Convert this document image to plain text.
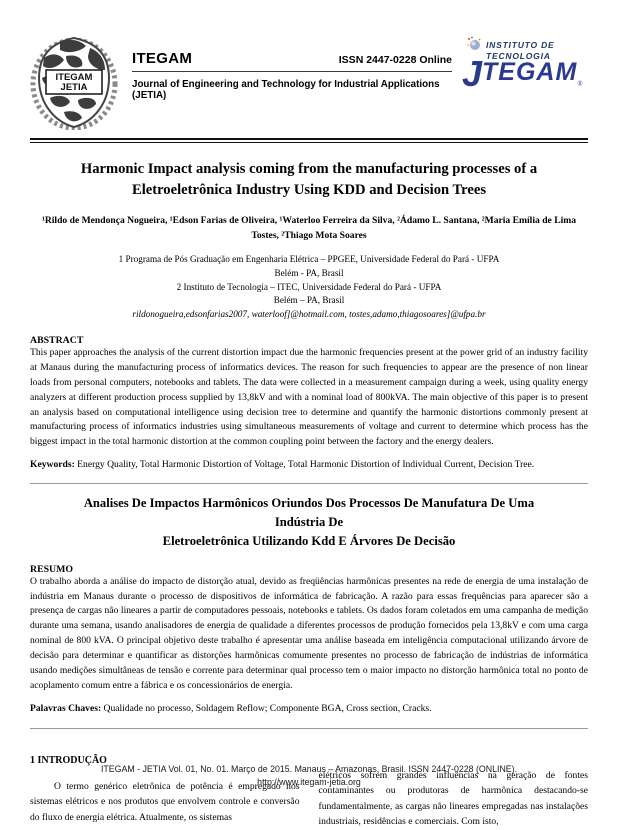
ITEGAM
JETIA
ITEGAM	ISSN 2447-0228 Online
Journal of Engineering and Technology for Industrial Applications (JETIA)
INSTITUTO DE
TECNOLOGIA
J TEGAM ®
Harmonic Impact analysis coming from the manufacturing processes of a
Eletroeletrônica Industry Using KDD and Decision Trees
¹Rildo de Mendonça Nogueira, ¹Edson Farias de Oliveira, ¹Waterloo Ferreira da Silva, ²Ádamo L. Santana, ²Maria Emília de Lima Tostes, ²Thiago Mota Soares
1 Programa de Pós Graduação em Engenharia Elétrica – PPGEE, Universidade Federal do Pará - UFPA
Belém - PA, Brasil
2 Instituto de Tecnologia – ITEC, Universidade Federal do Pará - UFPA
Belém – PA, Brasil
rildonogueira,edsonfarias2007, waterloof]@hotmail.com, tostes,adamo,thiagosoares]@ufpa.br
ABSTRACT
This paper approaches the analysis of the current distortion impact due the harmonic frequencies present at the power grid of an industry facility at Manaus during the manufacturing process of informatics devices. The reason for such frequencies to appear are the presence of non linear loads from personal computers, notebooks and tablets. The data were collected in a measurement campaign during a week, using quality energy analyzers at different production process supplied by 13,8kV and with a nominal load of 800kVA. The main objective of this paper is to present an analysis based on computational intelligence using decision tree to determine and quantify the harmonic distortions commonly present at manufacturing process of informatics industries using simultaneous measurements of voltage and current to determine which process has the biggest impact in the total harmonic distortion at the common coupling point between the factory and the energy dealers.

Keywords: Energy Quality, Total Harmonic Distortion of Voltage, Total Harmonic Distortion of Individual Current, Decision Tree.

Analises De Impactos Harmônicos Oriundos Dos Processos De Manufatura De Uma Indústria De
Eletroeletrônica Utilizando Kdd E Árvores De Decisão
RESUMO
O trabalho aborda a análise do impacto de distorção atual, devido as freqüências harmônicas presentes na rede de energia de uma instalação de indústria em Manaus durante o processo de dispositivos de informática de fabricação. A razão para essas frequências para aparecer são a presença de cargas não lineares a partir de computadores pessoais, notebooks e tablets. Os dados foram coletados em uma campanha de medição durante uma semana, usando analisadores de energia de qualidade a diferentes processos de produção fornecidos pela 13,8kV e com uma carga nominal de 800 kVA. O principal objetivo deste trabalho é apresentar uma análise baseada em inteligência computacional utilizando árvore de decisão para determinar e quantificar as distorções harmônicas comumente presentes no processo de fabricação de indústrias de informática usando medições simultâneas de tensão e corrente para determinar qual processo tem o maior impacto no distorção harmônica total no ponto de acoplamento comum entre a fábrica e os concessionários de energia.

Palavras Chaves: Qualidade no processo, Soldagem Reflow; Componente BGA, Cross section, Cracks.

1 INTRODUÇÃO

O termo genérico eletrônica de potência é empregado nos sistemas elétricos e nos produtos que envolvem controle e conversão do fluxo de energia elétrica. Atualmente, os sistemas

elétricos sofrem grandes influências na geração de fontes contaminantes ou produtoras de harmônica destacando-se fundamentalmente, as cargas não lineares empregadas nas instalações industriais, residências e comerciais. Com isto,

ITEGAM - JETIA Vol. 01, No. 01. Março de 2015. Manaus – Amazonas, Brasil. ISSN 2447-0228 (ONLINE).
http://www.itegam-jetia.org
